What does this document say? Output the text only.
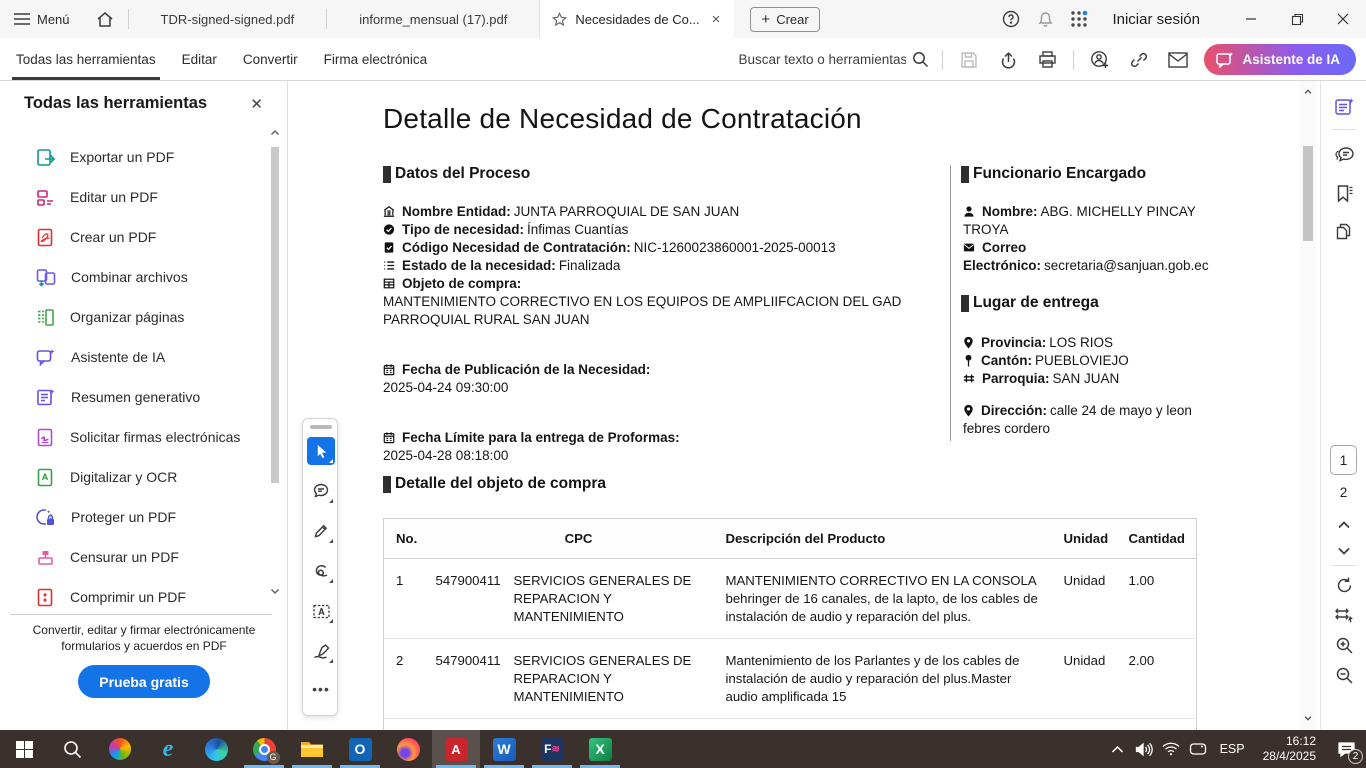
Menú	TDR-signed-signed.pdf	informe_mensual (17).pdf	Necesidades de Co... ×	+ Crear	Iniciar sesión
Todas las herramientas	Editar	Convertir	Firma electrónica
Buscar texto o herramientas	Asistente de IA
Todas las herramientas	✕
Exportar un PDF
Editar un PDF
Crear un PDF
Combinar archivos
Organizar páginas
Asistente de IA
Resumen generativo
Solicitar firmas electrónicas
Digitalizar y OCR
Proteger un PDF
Censurar un PDF
Comprimir un PDF
Convertir, editar y firmar electrónicamente formularios y acuerdos en PDF
Prueba gratis
Detalle de Necesidad de Contratación
Datos del Proceso

Nombre Entidad: JUNTA PARROQUIAL DE SAN JUAN

Tipo de necesidad: Ínfimas Cuantías

Código Necesidad de Contratación: NIC-1260023860001-2025-00013

Estado de la necesidad: Finalizada

Objeto de compra:

MANTENIMIENTO CORRECTIVO EN LOS EQUIPOS DE AMPLIIFCACION DEL GAD PARROQUIAL RURAL SAN JUAN

Fecha de Publicación de la Necesidad:

2025-04-24 09:30:00

Fecha Límite para la entrega de Proformas:

2025-04-28 08:18:00

Funcionario Encargado

Nombre: ABG. MICHELLY PINCAY TROYA

Correo Electrónico: secretaria@sanjuan.gob.ec

Lugar de entrega

Provincia: LOS RIOS

Cantón: PUEBLOVIEJO

Parroquia: SAN JUAN

Dirección: calle 24 de mayo y leon febres cordero

Detalle del objeto de compra
No.	CPC		Descripción del Producto	Unidad	Cantidad
1	547900411	SERVICIOS GENERALES DE REPARACION Y MANTENIMIENTO	MANTENIMIENTO CORRECTIVO EN LA CONSOLA behringer de 16 canales, de la lapto, de los cables de instalación de audio y reparación del plus.	Unidad	1.00
2	547900411	SERVICIOS GENERALES DE REPARACION Y MANTENIMIENTO	Mantenimiento de los Parlantes y de los cables de instalación de audio y reparación del plus.Master audio amplificada 15	Unidad	2.00

•••
1
2
e	G	O	A	W	F ≋	X	ESP
16:12
28/4/2025	2
